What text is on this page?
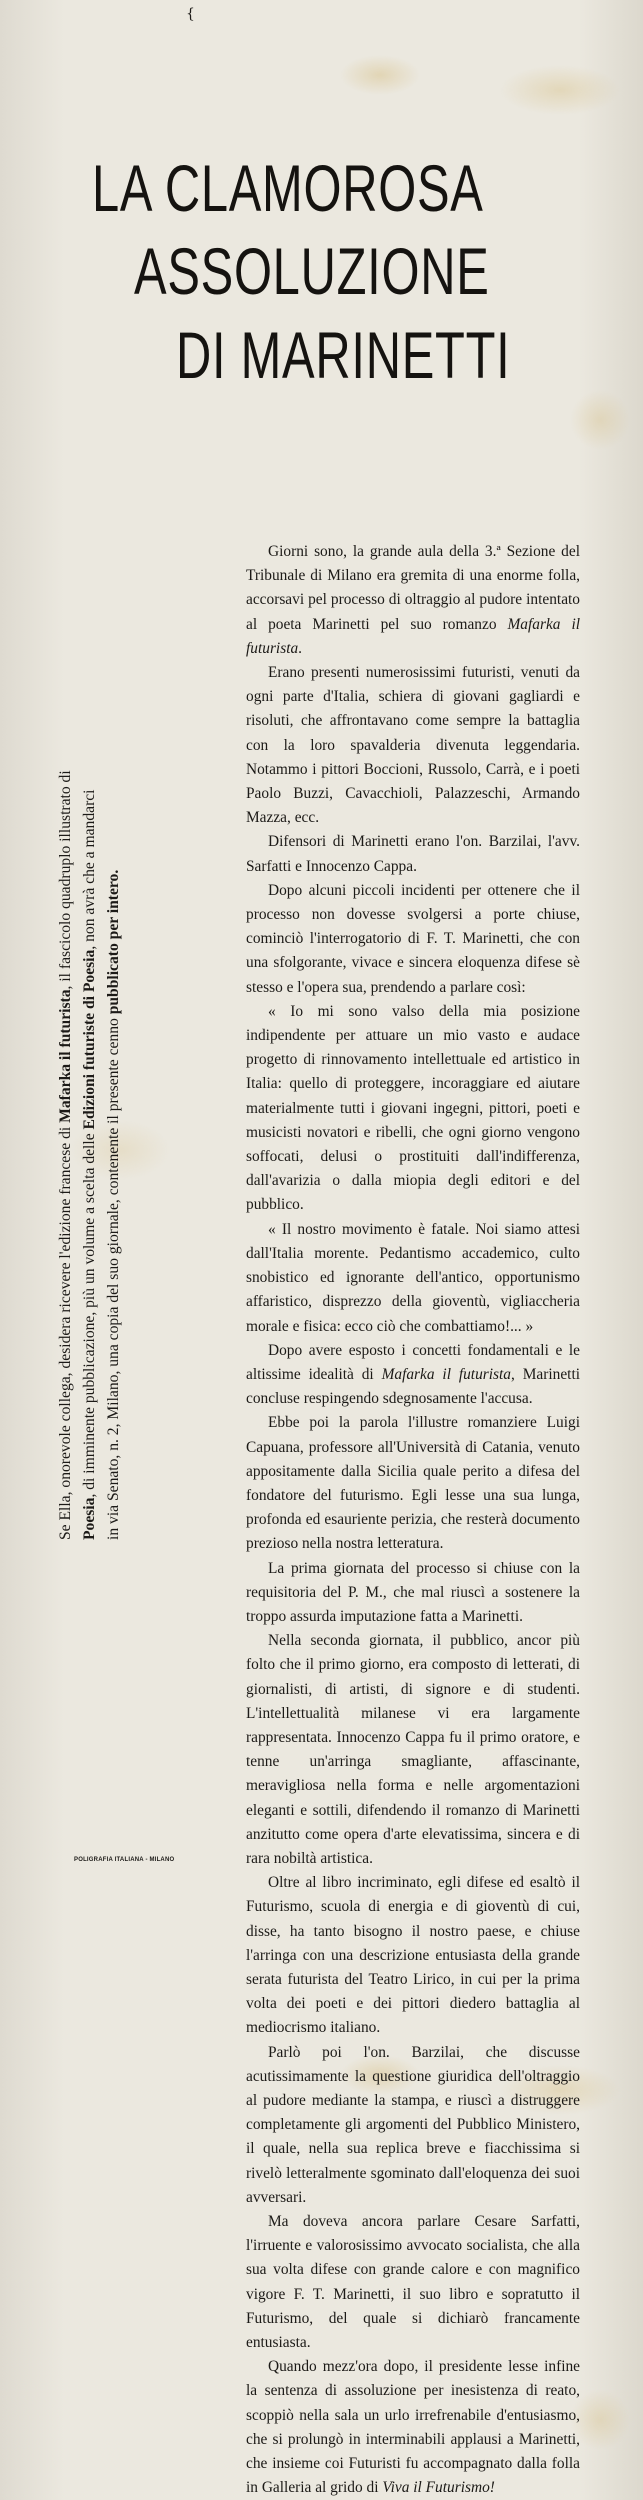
{
LA CLAMOROSA
ASSOLUZIONE
DI MARINETTI

Giorni sono, la grande aula della 3.ª Sezione del Tribunale di Milano era gremita di una enorme folla, accorsavi pel processo di oltraggio al pudore intentato al poeta Marinetti pel suo romanzo Mafarka il futurista.

Erano presenti numerosissimi futuristi, venuti da ogni parte d'Italia, schiera di giovani gagliardi e risoluti, che affrontavano come sempre la battaglia con la loro spavalderia divenuta leggendaria. Notammo i pittori Boccioni, Russolo, Carrà, e i poeti Paolo Buzzi, Cavacchioli, Palazzeschi, Armando Mazza, ecc.

Difensori di Marinetti erano l'on. Barzilai, l'avv. Sarfatti e Innocenzo Cappa.

Dopo alcuni piccoli incidenti per ottenere che il processo non dovesse svolgersi a porte chiuse, cominciò l'interrogatorio di F. T. Marinetti, che con una sfolgorante, vivace e sincera eloquenza difese sè stesso e l'opera sua, prendendo a parlare così:

« Io mi sono valso della mia posizione indipendente per attuare un mio vasto e audace progetto di rinnovamento intellettuale ed artistico in Italia: quello di proteggere, incoraggiare ed aiutare materialmente tutti i giovani ingegni, pittori, poeti e musicisti novatori e ribelli, che ogni giorno vengono soffocati, delusi o prostituiti dall'indifferenza, dall'avarizia o dalla miopia degli editori e del pubblico.

« Il nostro movimento è fatale. Noi siamo attesi dall'Italia morente. Pedantismo accademico, culto snobistico ed ignorante dell'antico, opportunismo affaristico, disprezzo della gioventù, vigliaccheria morale e fisica: ecco ciò che combattiamo!... »

Dopo avere esposto i concetti fondamentali e le altissime idealità di Mafarka il futurista, Marinetti concluse respingendo sdegnosamente l'accusa.

Ebbe poi la parola l'illustre romanziere Luigi Capuana, professore all'Università di Catania, venuto appositamente dalla Sicilia quale perito a difesa del fondatore del futurismo. Egli lesse una sua lunga, profonda ed esauriente perizia, che resterà documento prezioso nella nostra letteratura.

La prima giornata del processo si chiuse con la requisitoria del P. M., che mal riuscì a sostenere la troppo assurda imputazione fatta a Marinetti.

Nella seconda giornata, il pubblico, ancor più folto che il primo giorno, era composto di letterati, di giornalisti, di artisti, di signore e di studenti. L'intellettualità milanese vi era largamente rappresentata. Innocenzo Cappa fu il primo oratore, e tenne un'arringa smagliante, affascinante, meravigliosa nella forma e nelle argomentazioni eleganti e sottili, difendendo il romanzo di Marinetti anzitutto come opera d'arte elevatissima, sincera e di rara nobiltà artistica.

Oltre al libro incriminato, egli difese ed esaltò il Futurismo, scuola di energia e di gioventù di cui, disse, ha tanto bisogno il nostro paese, e chiuse l'arringa con una descrizione entusiasta della grande serata futurista del Teatro Lirico, in cui per la prima volta dei poeti e dei pittori diedero battaglia al mediocrismo italiano.

Parlò poi l'on. Barzilai, che discusse acutissimamente la questione giuridica dell'oltraggio al pudore mediante la stampa, e riuscì a distruggere completamente gli argomenti del Pubblico Ministero, il quale, nella sua replica breve e fiacchissima si rivelò letteralmente sgominato dall'eloquenza dei suoi avversari.

Ma doveva ancora parlare Cesare Sarfatti, l'irruente e valorosissimo avvocato socialista, che alla sua volta difese con grande calore e con magnifico vigore F. T. Marinetti, il suo libro e sopratutto il Futurismo, del quale si dichiarò francamente entusiasta.

Quando mezz'ora dopo, il presidente lesse infine la sentenza di assoluzione per inesistenza di reato, scoppiò nella sala un urlo irrefrenabile d'entusiasmo, che si prolungò in interminabili applausi a Marinetti, che insieme coi Futuristi fu accompagnato dalla folla in Galleria al grido di Viva il Futurismo!

Se Ella, onorevole collega, desidera ricevere l'edizione francese di Mafarka il futurista, il fascicolo quadruplo illustrato di
Poesia, di imminente pubblicazione, più un volume a scelta delle Edizioni futuriste di Poesia, non avrà che a mandarci
in via Senato, n. 2, Milano, una copia del suo giornale, contenente il presente cenno pubblicato per intero.
POLIGRAFIA ITALIANA - MILANO
